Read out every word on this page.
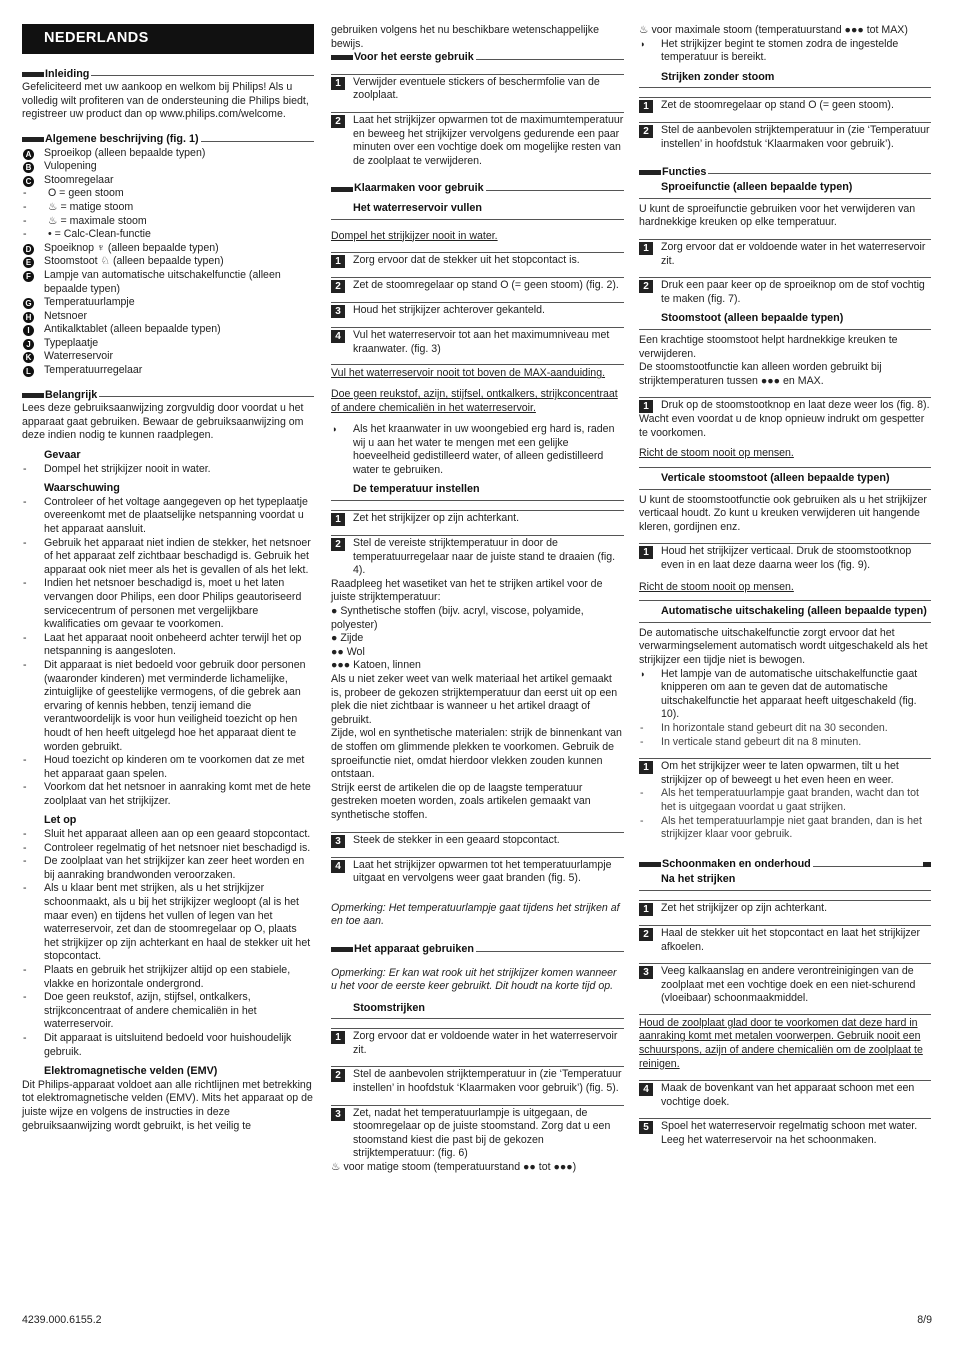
NEDERLANDS
Inleiding

Gefeliciteerd met uw aankoop en welkom bij Philips! Als u volledig wilt profiteren van de ondersteuning die Philips biedt, registreer uw product dan op www.philips.com/welcome.

Algemene beschrijving (fig. 1)
A	Sproeikop (alleen bepaalde typen)
B	Vulopening
C	Stoomregelaar
-	O = geen stoom
-	♨ = matige stoom
-	♨ = maximale stoom
-	• = Calc-Clean-functie
D	Spoeiknop ♆ (alleen bepaalde typen)
E	Stoomstoot ♘ (alleen bepaalde typen)
F	Lampje van automatische uitschakelfunctie (alleen bepaalde typen)
G	Temperatuurlampje
H	Netsnoer
I	Antikalktablet (alleen bepaalde typen)
J	Typeplaatje
K	Waterreservoir
L	Temperatuurregelaar
Belangrijk

Lees deze gebruiksaanwijzing zorgvuldig door voordat u het apparaat gaat gebruiken. Bewaar de gebruiksaanwijzing om deze indien nodig te kunnen raadplegen.

Gevaar
-	Dompel het strijkijzer nooit in water.
Waarschuwing
-	Controleer of het voltage aangegeven op het typeplaatje overeenkomt met de plaatselijke netspanning voordat u het apparaat aansluit.
-	Gebruik het apparaat niet indien de stekker, het netsnoer of het apparaat zelf zichtbaar beschadigd is. Gebruik het apparaat ook niet meer als het is gevallen of als het lekt.
-	Indien het netsnoer beschadigd is, moet u het laten vervangen door Philips, een door Philips geautoriseerd servicecentrum of personen met vergelijkbare kwalificaties om gevaar te voorkomen.
-	Laat het apparaat nooit onbeheerd achter terwijl het op netspanning is aangesloten.
-	Dit apparaat is niet bedoeld voor gebruik door personen (waaronder kinderen) met verminderde lichamelijke, zintuiglijke of geestelijke vermogens, of die gebrek aan ervaring of kennis hebben, tenzij iemand die verantwoordelijk is voor hun veiligheid toezicht op hen houdt of hen heeft uitgelegd hoe het apparaat dient te worden gebruikt.
-	Houd toezicht op kinderen om te voorkomen dat ze met het apparaat gaan spelen.
-	Voorkom dat het netsnoer in aanraking komt met de hete zoolplaat van het strijkijzer.
Let op
-	Sluit het apparaat alleen aan op een geaard stopcontact.
-	Controleer regelmatig of het netsnoer niet beschadigd is.
-	De zoolplaat van het strijkijzer kan zeer heet worden en bij aanraking brandwonden veroorzaken.
-	Als u klaar bent met strijken, als u het strijkijzer schoonmaakt, als u bij het strijkijzer wegloopt (al is het maar even) en tijdens het vullen of legen van het waterreservoir, zet dan de stoomregelaar op O, plaats het strijkijzer op zijn achterkant en haal de stekker uit het stopcontact.
-	Plaats en gebruik het strijkijzer altijd op een stabiele, vlakke en horizontale ondergrond.
-	Doe geen reukstof, azijn, stijfsel, ontkalkers, strijkconcentraat of andere chemicaliën in het waterreservoir.
-	Dit apparaat is uitsluitend bedoeld voor huishoudelijk gebruik.
Elektromagnetische velden (EMV)

Dit Philips-apparaat voldoet aan alle richtlijnen met betrekking tot elektromagnetische velden (EMV). Mits het apparaat op de juiste wijze en volgens de instructies in deze gebruiksaanwijzing wordt gebruikt, is het veilig te

gebruiken volgens het nu beschikbare wetenschappelijke bewijs.

Voor het eerste gebruik
1	Verwijder eventuele stickers of beschermfolie van de zoolplaat.
2	Laat het strijkijzer opwarmen tot de maximumtemperatuur en beweeg het strijkijzer vervolgens gedurende een paar minuten over een vochtige doek om mogelijke resten van de zoolplaat te verwijderen.
Klaarmaken voor gebruik
Het waterreservoir vullen
Dompel het strijkijzer nooit in water.
1	Zorg ervoor dat de stekker uit het stopcontact is.
2	Zet de stoomregelaar op stand O (= geen stoom) (fig. 2).
3	Houd het strijkijzer achterover gekanteld.
4	Vul het waterreservoir tot aan het maximumniveau met kraanwater. (fig. 3)
Vul het waterreservoir nooit tot boven de MAX-aanduiding.
Doe geen reukstof, azijn, stijfsel, ontkalkers, strijkconcentraat of andere chemicaliën in het waterreservoir.
◗	Als het kraanwater in uw woongebied erg hard is, raden wij u aan het water te mengen met een gelijke hoeveelheid gedistilleerd water, of alleen gedistilleerd water te gebruiken.
De temperatuur instellen
1	Zet het strijkijzer op zijn achterkant.
2	Stel de vereiste strijktemperatuur in door de temperatuurregelaar naar de juiste stand te draaien (fig. 4).

Raadpleeg het wasetiket van het te strijken artikel voor de juiste strijktemperatuur:

● Synthetische stoffen (bijv. acryl, viscose, polyamide, polyester)

● Zijde

●● Wol

●●● Katoen, linnen

Als u niet zeker weet van welk materiaal het artikel gemaakt is, probeer de gekozen strijktemperatuur dan eerst uit op een plek die niet zichtbaar is wanneer u het artikel draagt of gebruikt.

Zijde, wol en synthetische materialen: strijk de binnenkant van de stoffen om glimmende plekken te voorkomen. Gebruik de sproeifunctie niet, omdat hierdoor vlekken zouden kunnen ontstaan.

Strijk eerst de artikelen die op de laagste temperatuur gestreken moeten worden, zoals artikelen gemaakt van synthetische stoffen.

3	Steek de stekker in een geaard stopcontact.
4	Laat het strijkijzer opwarmen tot het temperatuurlampje uitgaat en vervolgens weer gaat branden (fig. 5).

Opmerking: Het temperatuurlampje gaat tijdens het strijken af en toe aan.

Het apparaat gebruiken

Opmerking: Er kan wat rook uit het strijkijzer komen wanneer u het voor de eerste keer gebruikt. Dit houdt na korte tijd op.

Stoomstrijken
1	Zorg ervoor dat er voldoende water in het waterreservoir zit.
2	Stel de aanbevolen strijktemperatuur in (zie ‘Temperatuur instellen’ in hoofdstuk ‘Klaarmaken voor gebruik’) (fig. 5).
3	Zet, nadat het temperatuurlampje is uitgegaan, de stoomregelaar op de juiste stoomstand. Zorg dat u een stoomstand kiest die past bij de gekozen strijktemperatuur: (fig. 6)

♨ voor matige stoom (temperatuurstand ●● tot ●●●)

♨ voor maximale stoom (temperatuurstand ●●● tot MAX)

◗	Het strijkijzer begint te stomen zodra de ingestelde temperatuur is bereikt.
Strijken zonder stoom
1	Zet de stoomregelaar op stand O (= geen stoom).
2	Stel de aanbevolen strijktemperatuur in (zie ‘Temperatuur instellen’ in hoofdstuk ‘Klaarmaken voor gebruik’).
Functies
Sproeifunctie (alleen bepaalde typen)

U kunt de sproeifunctie gebruiken voor het verwijderen van hardnekkige kreuken op elke temperatuur.

1	Zorg ervoor dat er voldoende water in het waterreservoir zit.
2	Druk een paar keer op de sproeiknop om de stof vochtig te maken (fig. 7).
Stoomstoot (alleen bepaalde typen)

Een krachtige stoomstoot helpt hardnekkige kreuken te verwijderen.

De stoomstootfunctie kan alleen worden gebruikt bij strijktemperaturen tussen ●●● en MAX.

1	Druk op de stoomstootknop en laat deze weer los (fig. 8).

Wacht even voordat u de knop opnieuw indrukt om gespetter te voorkomen.

Richt de stoom nooit op mensen.
Verticale stoomstoot (alleen bepaalde typen)

U kunt de stoomstootfunctie ook gebruiken als u het strijkijzer verticaal houdt. Zo kunt u kreuken verwijderen uit hangende kleren, gordijnen enz.

1	Houd het strijkijzer verticaal. Druk de stoomstootknop even in en laat deze daarna weer los (fig. 9).
Richt de stoom nooit op mensen.
Automatische uitschakeling (alleen bepaalde typen)

De automatische uitschakelfunctie zorgt ervoor dat het verwarmingselement automatisch wordt uitgeschakeld als het strijkijzer een tijdje niet is bewogen.

◗	Het lampje van de automatische uitschakelfunctie gaat knipperen om aan te geven dat de automatische uitschakelfunctie het apparaat heeft uitgeschakeld (fig. 10).
-	In horizontale stand gebeurt dit na 30 seconden.
-	In verticale stand gebeurt dit na 8 minuten.
1	Om het strijkijzer weer te laten opwarmen, tilt u het strijkijzer op of beweegt u het even heen en weer.
-	Als het temperatuurlampje gaat branden, wacht dan tot het is uitgegaan voordat u gaat strijken.
-	Als het temperatuurlampje niet gaat branden, dan is het strijkijzer klaar voor gebruik.
Schoonmaken en onderhoud
Na het strijken
1	Zet het strijkijzer op zijn achterkant.
2	Haal de stekker uit het stopcontact en laat het strijkijzer afkoelen.
3	Veeg kalkaanslag en andere verontreinigingen van de zoolplaat met een vochtige doek en een niet-schurend (vloeibaar) schoonmaakmiddel.

Houd de zoolplaat glad door te voorkomen dat deze hard in aanraking komt met metalen voorwerpen. Gebruik nooit een schuurspons, azijn of andere chemicaliën om de zoolplaat te reinigen.

4	Maak de bovenkant van het apparaat schoon met een vochtige doek.
5	Spoel het waterreservoir regelmatig schoon met water. Leeg het waterreservoir na het schoonmaken.
4239.000.6155.2	8/9
